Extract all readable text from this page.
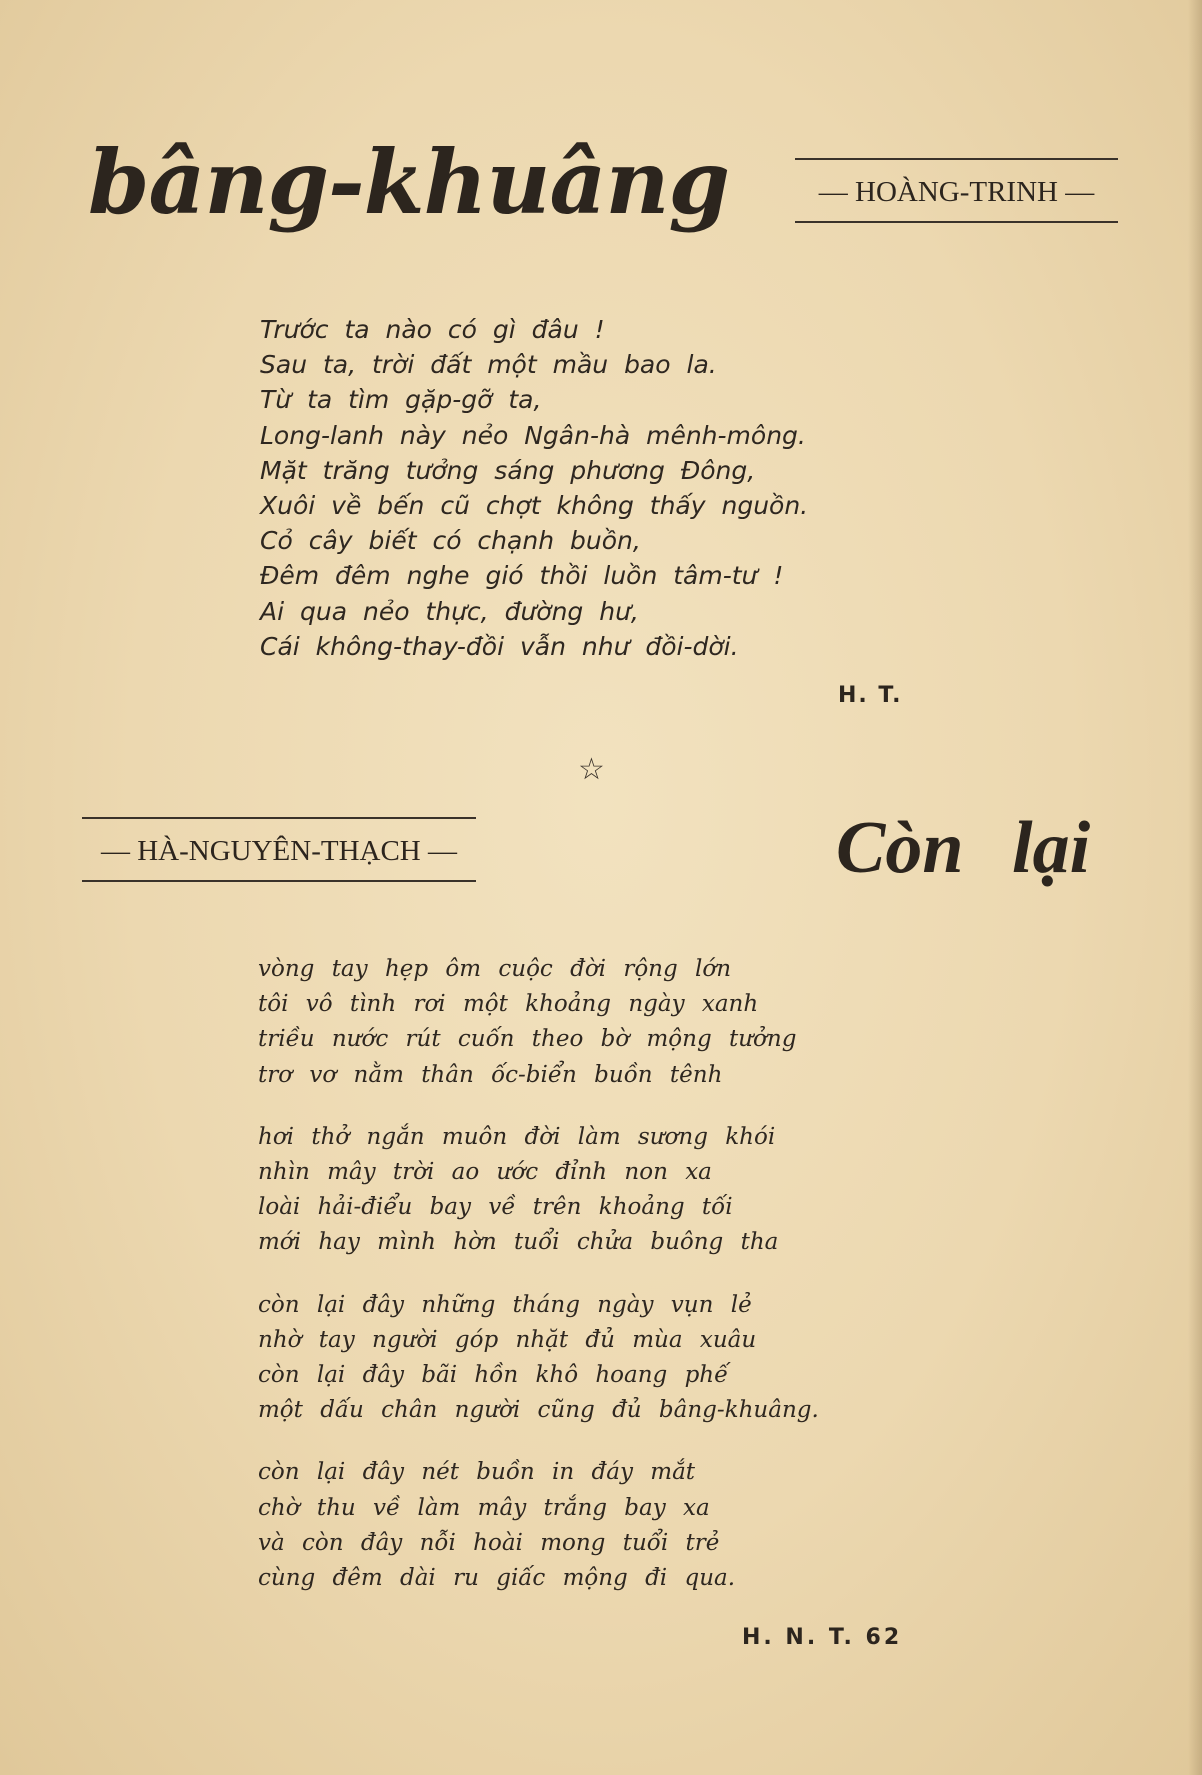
bâng-khuâng	— HOÀNG-TRINH —
Trước ta nào có gì đâu !
Sau ta, trời đất một mầu bao la.
Từ ta tìm gặp-gỡ ta,
Long-lanh này nẻo Ngân-hà mênh-mông.
Mặt trăng tưởng sáng phương Đông,
Xuôi về bến cũ chợt không thấy nguồn.
Cỏ cây biết có chạnh buồn,
Đêm đêm nghe gió thồi luồn tâm-tư !
Ai qua nẻo thực, đường hư,
Cái không-thay-đồi vẫn như đồi-dời.
H. T.
☆
— HÀ-NGUYÊN-THẠCH —	Còn lại
vòng tay hẹp ôm cuộc đời rộng lớn
tôi vô tình rơi một khoảng ngày xanh
triều nước rút cuốn theo bờ mộng tưởng
trơ vơ nằm thân ốc-biển buồn tênh
hơi thở ngắn muôn đời làm sương khói
nhìn mây trời ao ước đỉnh non xa
loài hải-điểu bay về trên khoảng tối
mới hay mình hờn tuổi chửa buông tha
còn lại đây những tháng ngày vụn lẻ
nhờ tay người góp nhặt đủ mùa xuâu
còn lại đây bãi hồn khô hoang phế
một dấu chân người cũng đủ bâng-khuâng.
còn lại đây nét buồn in đáy mắt
chờ thu về làm mây trắng bay xa
và còn đây nỗi hoài mong tuổi trẻ
cùng đêm dài ru giấc mộng đi qua.
H. N. T. 62
